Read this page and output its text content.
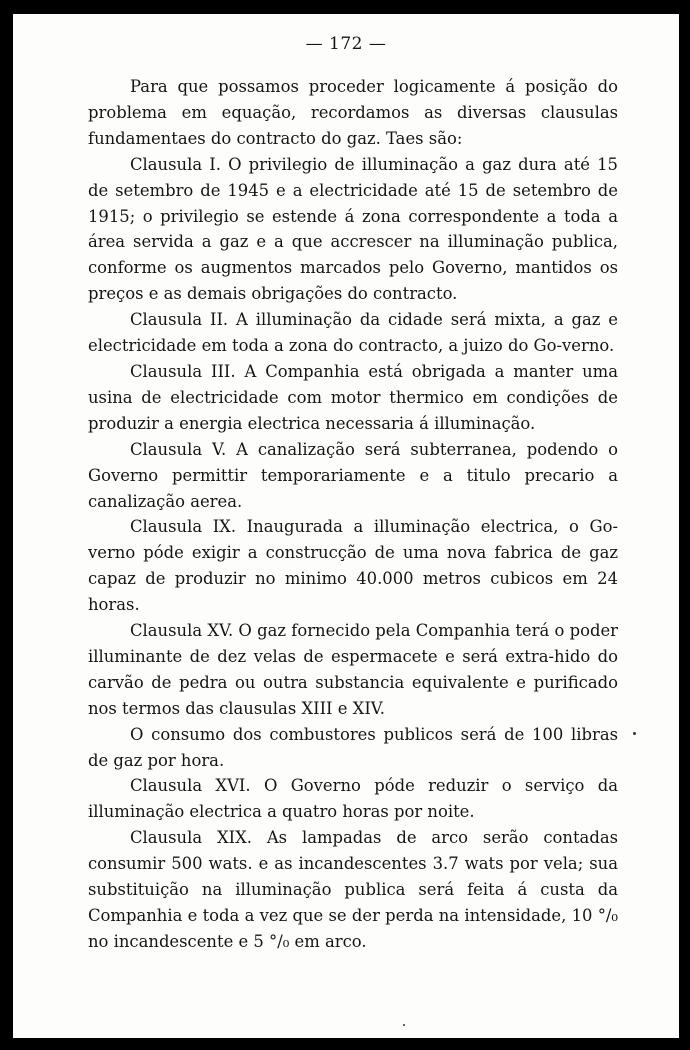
— 172 —

Para que possamos proceder logicamente á posição do problema em equação, recordamos as diversas clausulas fundamentaes do contracto do gaz. Taes são:

Clausula I. O privilegio de illuminação a gaz dura até 15 de setembro de 1945 e a electricidade até 15 de setembro de 1915; o privilegio se estende á zona correspondente a toda a área servida a gaz e a que accrescer na illuminação publica, conforme os augmentos marcados pelo Governo, mantidos os preços e as demais obrigações do contracto.

Clausula II. A illuminação da cidade será mixta, a gaz e electricidade em toda a zona do contracto, a juizo do Go-verno.

Clausula III. A Companhia está obrigada a manter uma usina de electricidade com motor thermico em condições de produzir a energia electrica necessaria á illuminação.

Clausula V. A canalização será subterranea, podendo o Governo permittir temporariamente e a titulo precario a canalização aerea.

Clausula IX. Inaugurada a illuminação electrica, o Go-verno póde exigir a construcção de uma nova fabrica de gaz capaz de produzir no minimo 40.000 metros cubicos em 24 horas.

Clausula XV. O gaz fornecido pela Companhia terá o poder illuminante de dez velas de espermacete e será extra-hido do carvão de pedra ou outra substancia equivalente e purificado nos termos das clausulas XIII e XIV.

O consumo dos combustores publicos será de 100 libras de gaz por hora.

Clausula XVI. O Governo póde reduzir o serviço da illuminação electrica a quatro horas por noite.

Clausula XIX. As lampadas de arco serão contadas consumir 500 wats. e as incandescentes 3.7 wats por vela; sua substituição na illuminação publica será feita á custa da Companhia e toda a vez que se der perda na intensidade, 10 °/₀ no incandescente e 5 °/₀ em arco.
